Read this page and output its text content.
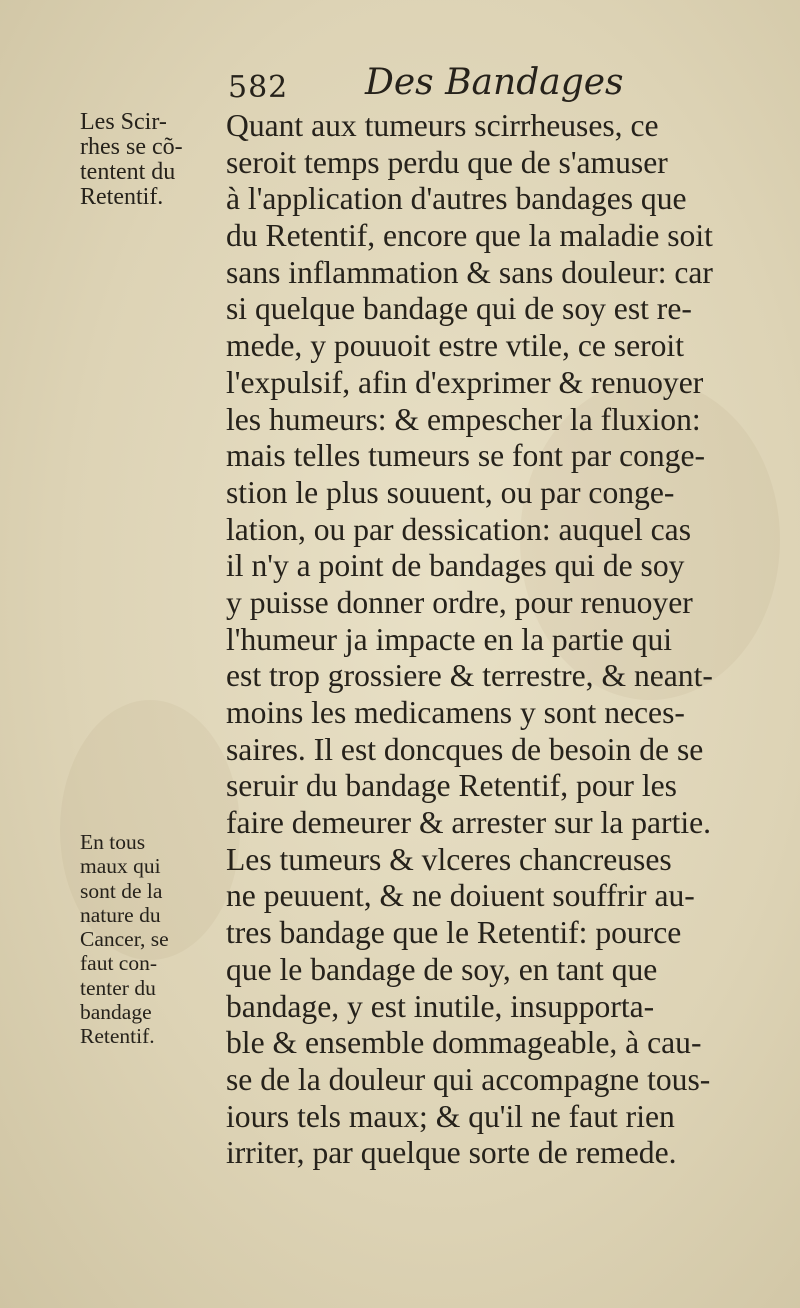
582 Des Bandages
Les Scir-
rhes se cõ-
tentent du
Retentif.
En tous
maux qui
sont de la
nature du
Cancer, se
faut con-
tenter du
bandage
Retentif.
Quant aux tumeurs scirrheuses, ce
seroit temps perdu que de s'amuser
à l'application d'autres bandages que
du Retentif, encore que la maladie soit
sans inflammation & sans douleur: car
si quelque bandage qui de soy est re-
mede, y pouuoit estre vtile, ce seroit
l'expulsif, afin d'exprimer & renuoyer
les humeurs: & empescher la fluxion:
mais telles tumeurs se font par conge-
stion le plus souuent, ou par conge-
lation, ou par dessication: auquel cas
il n'y a point de bandages qui de soy
y puisse donner ordre, pour renuoyer
l'humeur ja impacte en la partie qui
est trop grossiere & terrestre, & neant-
moins les medicamens y sont neces-
saires. Il est doncques de besoin de se
seruir du bandage Retentif, pour les
faire demeurer & arrester sur la partie.
Les tumeurs & vlceres chancreuses
ne peuuent, & ne doiuent souffrir au-
tres bandage que le Retentif: pource
que le bandage de soy, en tant que
bandage, y est inutile, insupporta-
ble & ensemble dommageable, à cau-
se de la douleur qui accompagne tous-
iours tels maux; & qu'il ne faut rien
irriter, par quelque sorte de remede.
